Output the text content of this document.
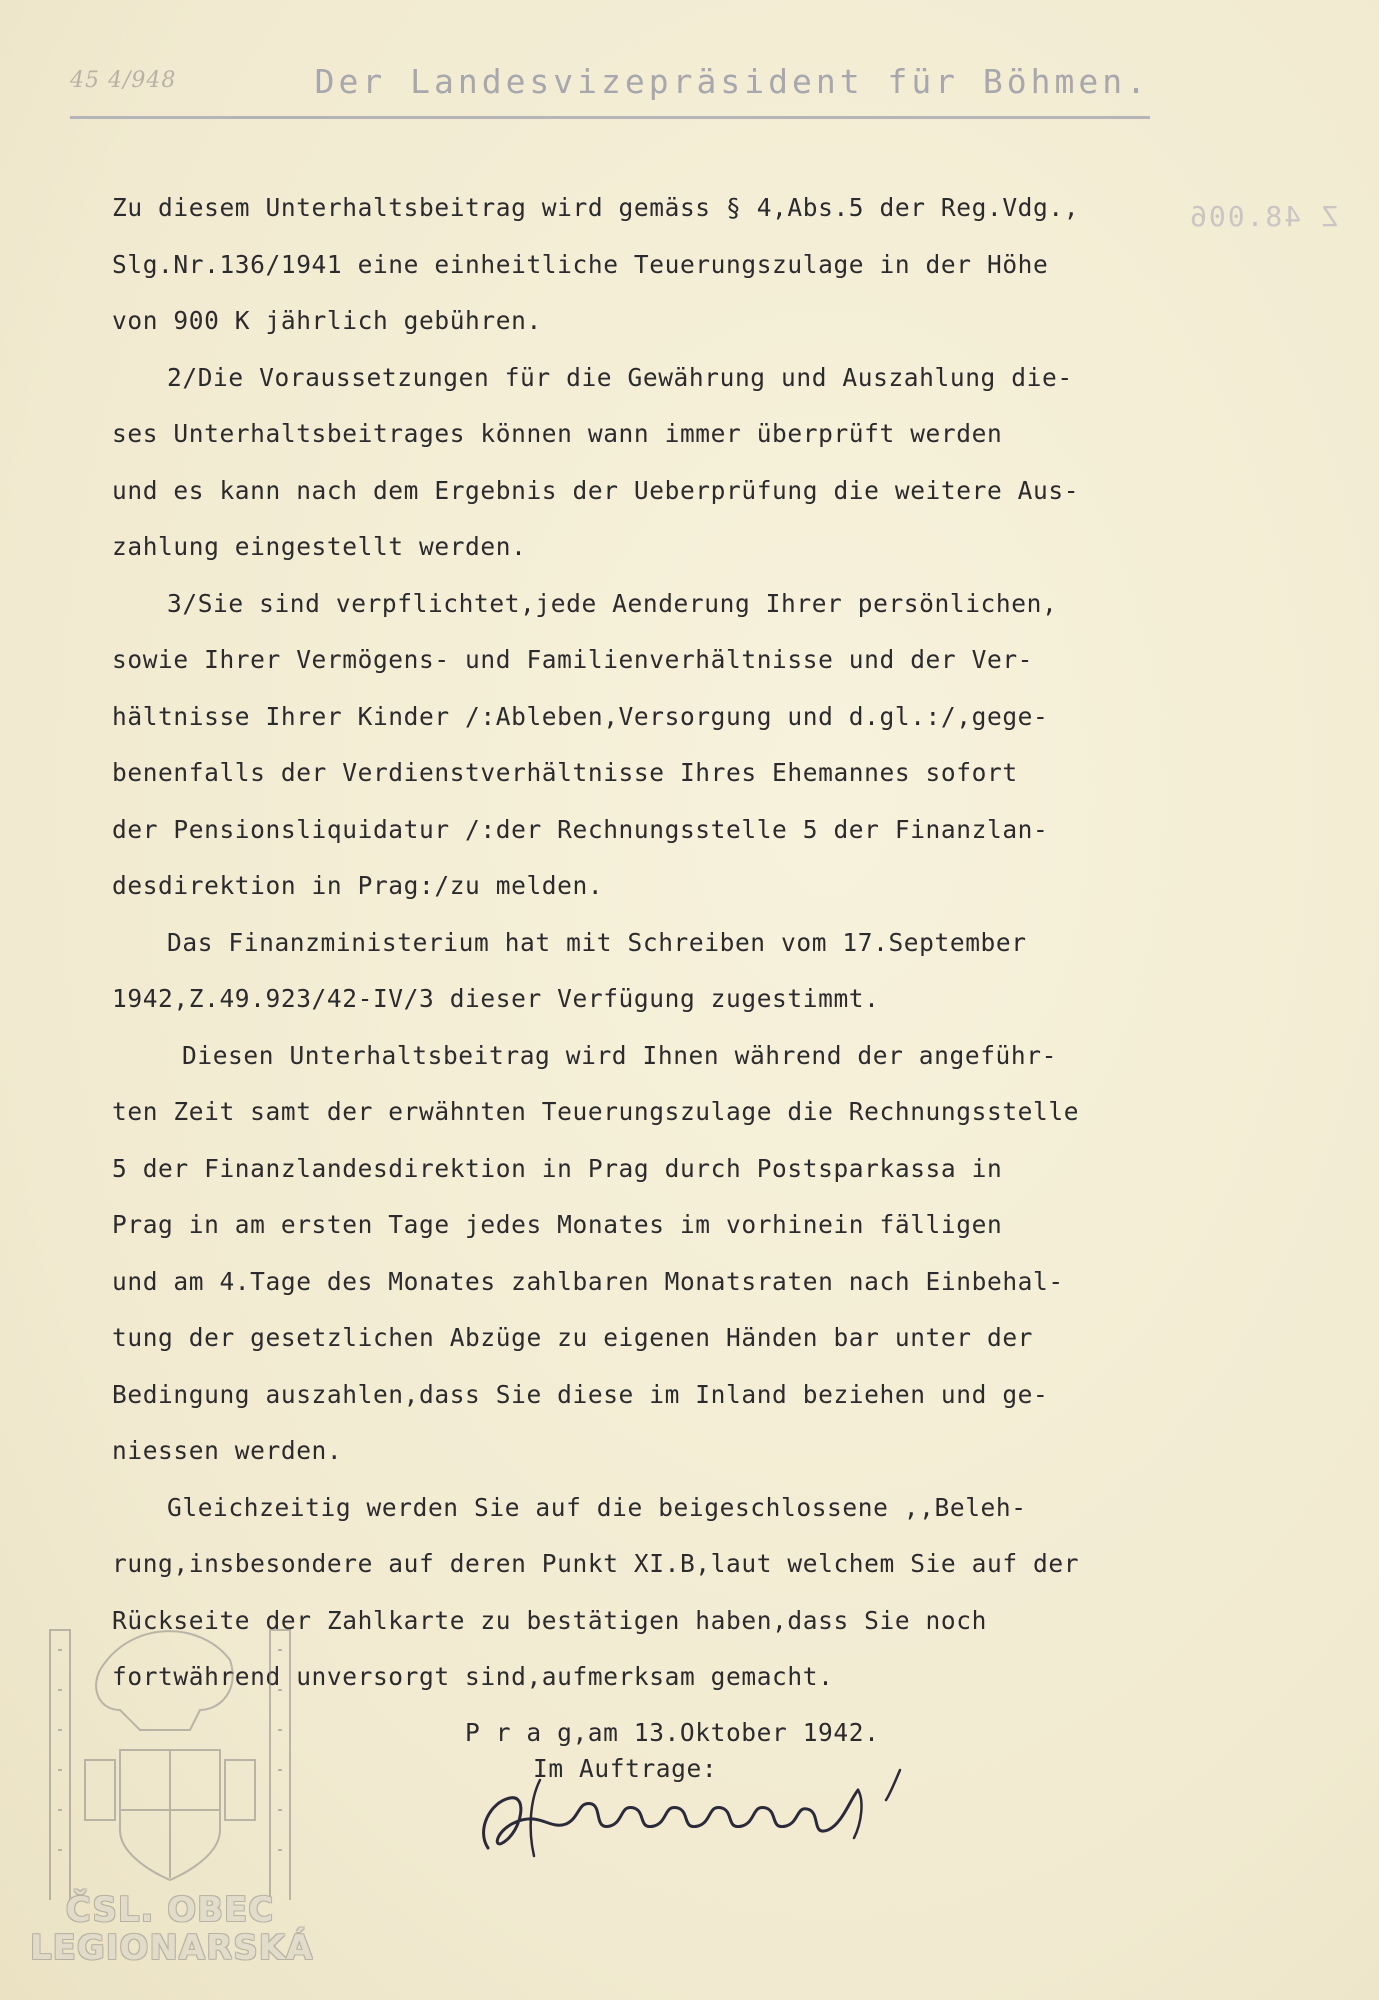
45 4/948	Der Landesvizepräsident für Böhmen.
Z 48.006
Zu diesem Unterhaltsbeitrag wird gemäss § 4,Abs.5 der Reg.Vdg.,
Slg.Nr.136/1941 eine einheitliche Teuerungszulage in der Höhe
von 900 K jährlich gebühren.
2/Die Voraussetzungen für die Gewährung und Auszahlung die-
ses Unterhaltsbeitrages können wann immer überprüft werden
und es kann nach dem Ergebnis der Ueberprüfung die weitere Aus-
zahlung eingestellt werden.
3/Sie sind verpflichtet,jede Aenderung Ihrer persönlichen,
sowie Ihrer Vermögens- und Familienverhältnisse und der Ver-
hältnisse Ihrer Kinder /:Ableben,Versorgung und d.gl.:/,gege-
benenfalls der Verdienstverhältnisse Ihres Ehemannes sofort
der Pensionsliquidatur /:der Rechnungsstelle 5 der Finanzlan-
desdirektion in Prag:/zu melden.
Das Finanzministerium hat mit Schreiben vom 17.September
1942,Z.49.923/42-IV/3 dieser Verfügung zugestimmt.
Diesen Unterhaltsbeitrag wird Ihnen während der angeführ-
ten Zeit samt der erwähnten Teuerungszulage die Rechnungsstelle
5 der Finanzlandesdirektion in Prag durch Postsparkassa in
Prag in am ersten Tage jedes Monates im vorhinein fälligen
und am 4.Tage des Monates zahlbaren Monatsraten nach Einbehal-
tung der gesetzlichen Abzüge zu eigenen Händen bar unter der
Bedingung auszahlen,dass Sie diese im Inland beziehen und ge-
niessen werden.
Gleichzeitig werden Sie auf die beigeschlossene ,,Beleh-
rung,insbesondere auf deren Punkt XI.B,laut welchem Sie auf der
Rückseite der Zahlkarte zu bestätigen haben,dass Sie noch
fortwährend unversorgt sind,aufmerksam gemacht.
P r a g,am 13.Oktober 1942.
Im Auftrage:
ČSL. OBEC
LEGIONARSKÁ
